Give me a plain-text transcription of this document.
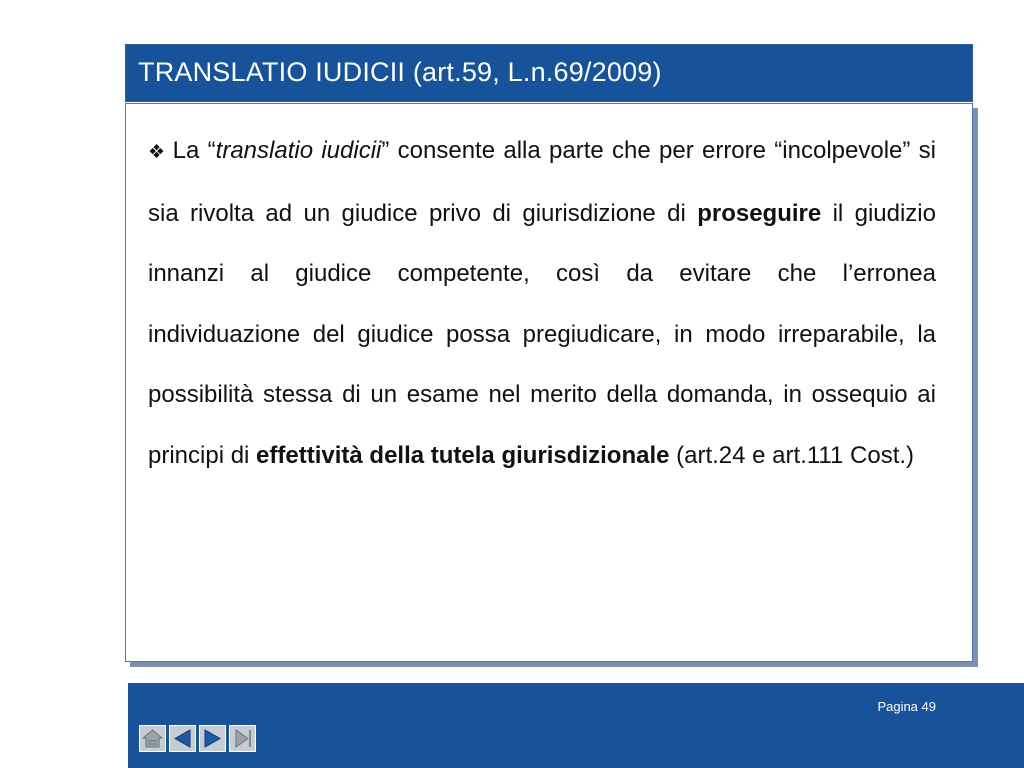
TRANSLATIO IUDICII (art.59, L.n.69/2009)
❖ La “translatio iudicii” consente alla parte che per errore “incolpevole” si sia rivolta ad un giudice privo di giurisdizione di proseguire il giudizio innanzi al giudice competente, così da evitare che l’erronea individuazione del giudice possa pregiudicare, in modo irreparabile, la possibilità stessa di un esame nel merito della domanda, in ossequio ai principi di effettività della tutela giurisdizionale (art.24 e art.111 Cost.)
Pagina 49
